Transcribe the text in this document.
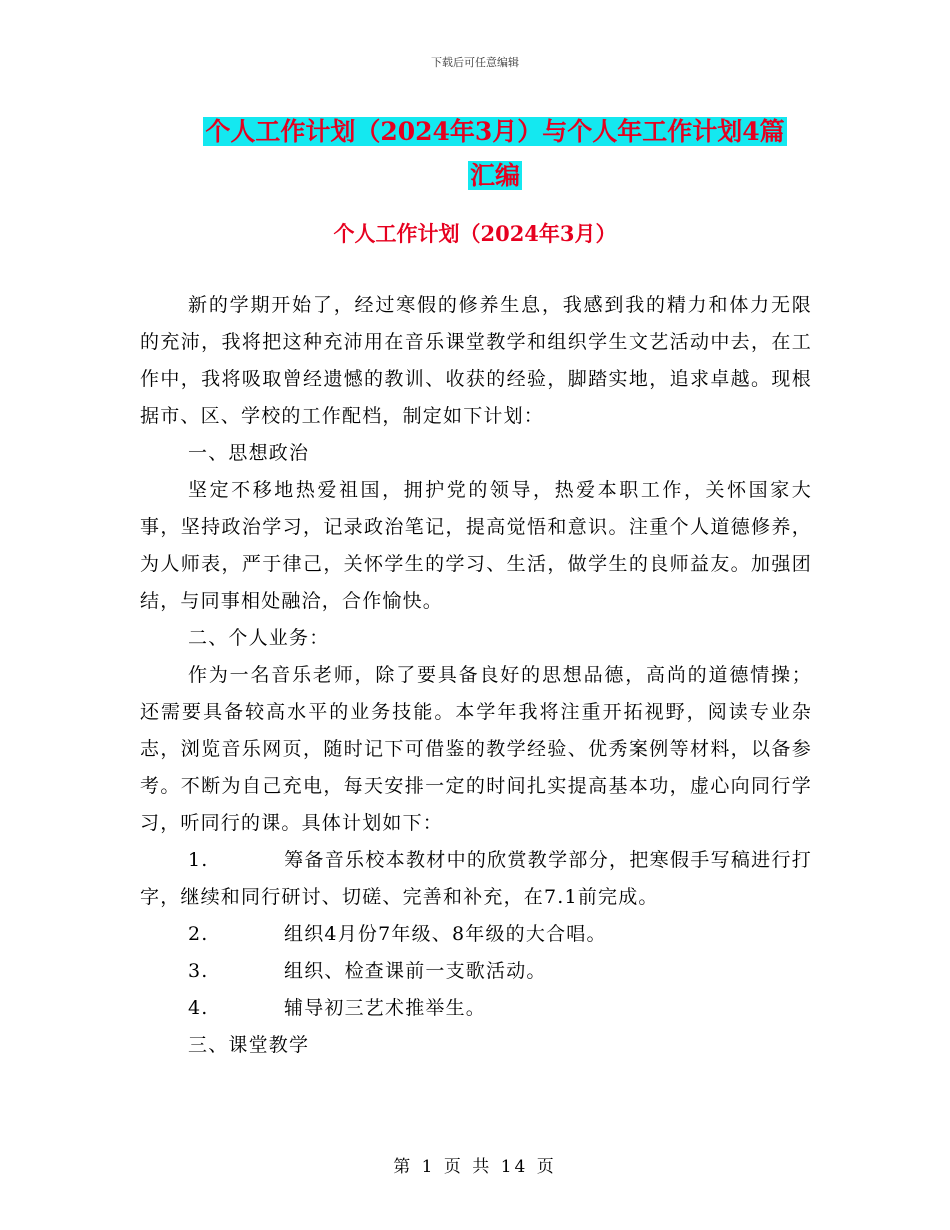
下载后可任意编辑
个人工作计划（2024年3月）与个人年工作计划4篇
汇编
个人工作计划（2024年3月）

新的学期开始了，经过寒假的修养生息，我感到我的精力和体力无限的充沛，我将把这种充沛用在音乐课堂教学和组织学生文艺活动中去，在工作中，我将吸取曾经遗憾的教训、收获的经验，脚踏实地，追求卓越。现根据市、区、学校的工作配档，制定如下计划：

一、思想政治

坚定不移地热爱祖国，拥护党的领导，热爱本职工作，关怀国家大事，坚持政治学习，记录政治笔记，提高觉悟和意识。注重个人道德修养，为人师表，严于律己，关怀学生的学习、生活，做学生的良师益友。加强团结，与同事相处融洽，合作愉快。

二、个人业务：

作为一名音乐老师，除了要具备良好的思想品德，高尚的道德情操；还需要具备较高水平的业务技能。本学年我将注重开拓视野，阅读专业杂志，浏览音乐网页，随时记下可借鉴的教学经验、优秀案例等材料，以备参考。不断为自己充电，每天安排一定的时间扎实提高基本功，虚心向同行学习，听同行的课。具体计划如下：

1.	筹备音乐校本教材中的欣赏教学部分，把寒假手写稿进行打字，继续和同行研讨、切磋、完善和补充，在7.1前完成。

2.	组织4月份7年级、8年级的大合唱。
3.	组织、检查课前一支歌活动。
4.	辅导初三艺术推举生。

三、课堂教学

第 1 页 共 14 页
